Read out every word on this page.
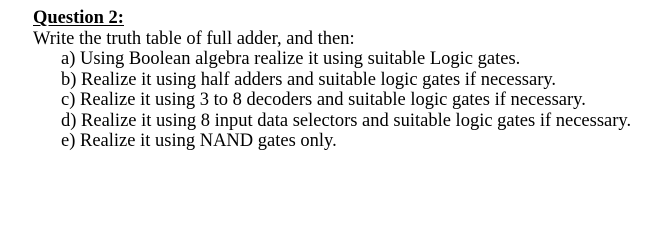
Question 2:

Write the truth table of full adder, and then:

a) Using Boolean algebra realize it using suitable Logic gates.
b) Realize it using half adders and suitable logic gates if necessary.
c) Realize it using 3 to 8 decoders and suitable logic gates if necessary.
d) Realize it using 8 input data selectors and suitable logic gates if necessary.
e) Realize it using NAND gates only.
